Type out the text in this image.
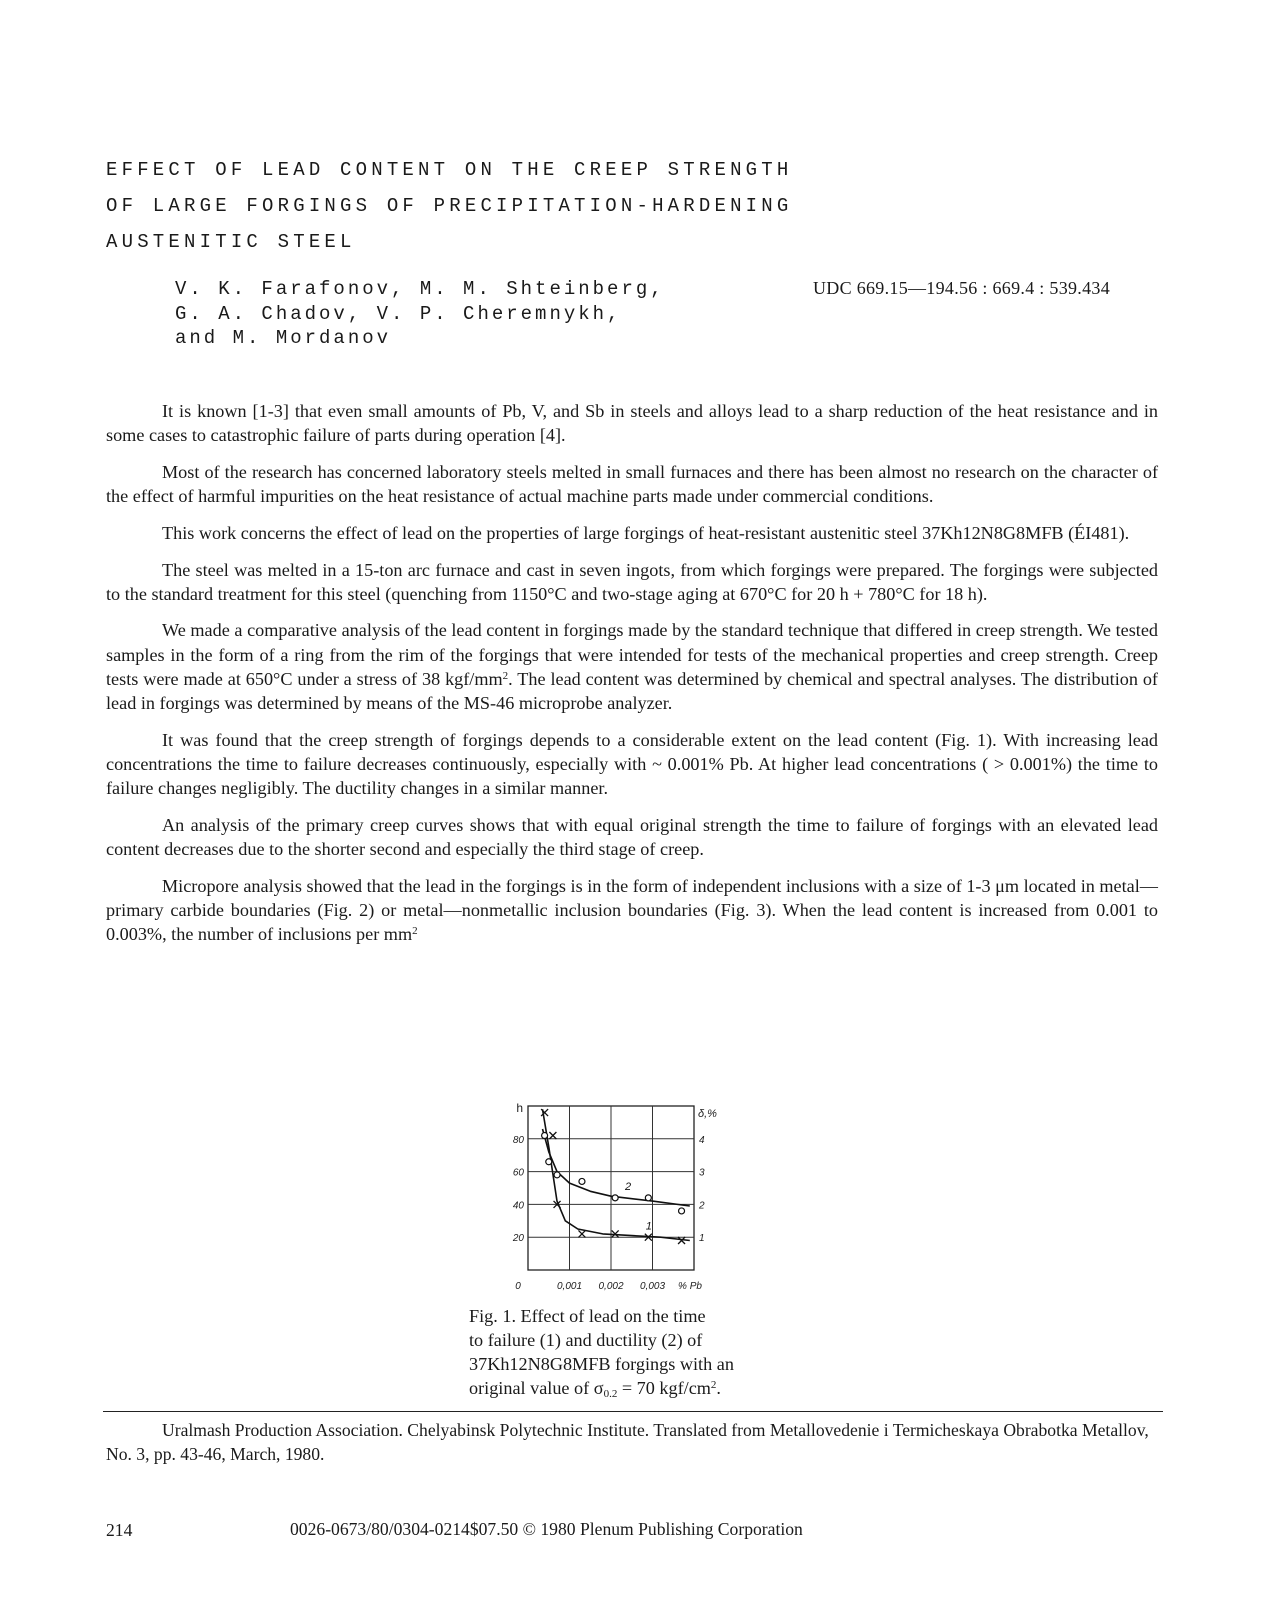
EFFECT OF LEAD CONTENT ON THE CREEP STRENGTH
OF LARGE FORGINGS OF PRECIPITATION-HARDENING
AUSTENITIC STEEL
V. K. Farafonov, M. M. Shteinberg,
G. A. Chadov, V. P. Cheremnykh,
and M. Mordanov
UDC 669.15—194.56 : 669.4 : 539.434

It is known [1-3] that even small amounts of Pb, V, and Sb in steels and alloys lead to a sharp reduction of the heat resistance and in some cases to catastrophic failure of parts during operation [4].

Most of the research has concerned laboratory steels melted in small furnaces and there has been almost no research on the character of the effect of harmful impurities on the heat resistance of actual machine parts made under commercial conditions.

This work concerns the effect of lead on the properties of large forgings of heat-resistant austenitic steel 37Kh12N8G8MFB (ÉI481).

The steel was melted in a 15-ton arc furnace and cast in seven ingots, from which forgings were prepared. The forgings were subjected to the standard treatment for this steel (quenching from 1150°C and two-stage aging at 670°C for 20 h + 780°C for 18 h).

We made a comparative analysis of the lead content in forgings made by the standard technique that differed in creep strength. We tested samples in the form of a ring from the rim of the forgings that were intended for tests of the mechanical properties and creep strength. Creep tests were made at 650°C under a stress of 38 kgf/$mm^2$. The lead content was determined by chemical and spectral analyses. The distribution of lead in forgings was determined by means of the MS-46 microprobe analyzer.

It was found that the creep strength of forgings depends to a considerable extent on the lead content (Fig. 1). With increasing lead concentrations the time to failure decreases continuously, especially with ~ 0.001% Pb. At higher lead concentrations ( > 0.001%) the time to failure changes negligibly. The ductility changes in a similar manner.

An analysis of the primary creep curves shows that with equal original strength the time to failure of forgings with an elevated lead content decreases due to the shorter second and especially the third stage of creep.

Micropore analysis showed that the lead in the forgings is in the form of independent inclusions with a size of 1-3 μm located in metal—primary carbide boundaries (Fig. 2) or metal—nonmetallic inclusion boundaries (Fig. 3). When the lead content is increased from 0.001 to 0.003%, the number of inclusions per $mm^2$

20
40
60
80
1
2
3
4
0	0,001 0,002 0,003 % Pb
h	δ,%
1
2
Fig. 1. Effect of lead on the time
to failure (1) and ductility (2) of
37Kh12N8G8MFB forgings with an
original value of $\sigma_{0.2} = 70$ kgf/$cm^2$.
Uralmash Production Association. Chelyabinsk Polytechnic Institute. Translated from Metallovedenie i Termicheskaya Obrabotka Metallov, No. 3, pp. 43-46, March, 1980.
214	0026-0673/80/0304-0214$07.50 © 1980 Plenum Publishing Corporation
